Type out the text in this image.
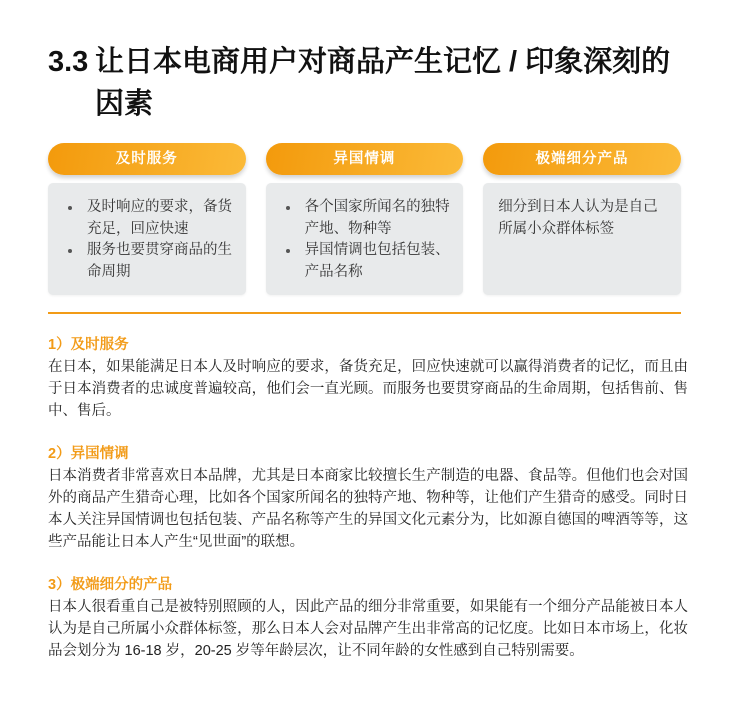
3.3 让日本电商用户对商品产生记忆 / 印象深刻的因素
及时服务
及时响应的要求，备货充足，回应快速
服务也要贯穿商品的生命周期
异国情调
各个国家所闻名的独特产地、物种等
异国情调也包括包装、产品名称
极端细分产品
细分到日本人认为是自己所属小众群体标签
1）及时服务

在日本，如果能满足日本人及时响应的要求，备货充足，回应快速就可以赢得消费者的记忆，而且由于日本消费者的忠诚度普遍较高，他们会一直光顾。而服务也要贯穿商品的生命周期，包括售前、售中、售后。

2）异国情调

日本消费者非常喜欢日本品牌，尤其是日本商家比较擅长生产制造的电器、食品等。但他们也会对国外的商品产生猎奇心理，比如各个国家所闻名的独特产地、物种等，让他们产生猎奇的感受。同时日本人关注异国情调也包括包装、产品名称等产生的异国文化元素分为，比如源自德国的啤酒等等，这些产品能让日本人产生“见世面”的联想。

3）极端细分的产品

日本人很看重自己是被特别照顾的人，因此产品的细分非常重要，如果能有一个细分产品能被日本人认为是自己所属小众群体标签，那么日本人会对品牌产生出非常高的记忆度。比如日本市场上，化妆品会划分为 16-18 岁，20-25 岁等年龄层次，让不同年龄的女性感到自己特别需要。
